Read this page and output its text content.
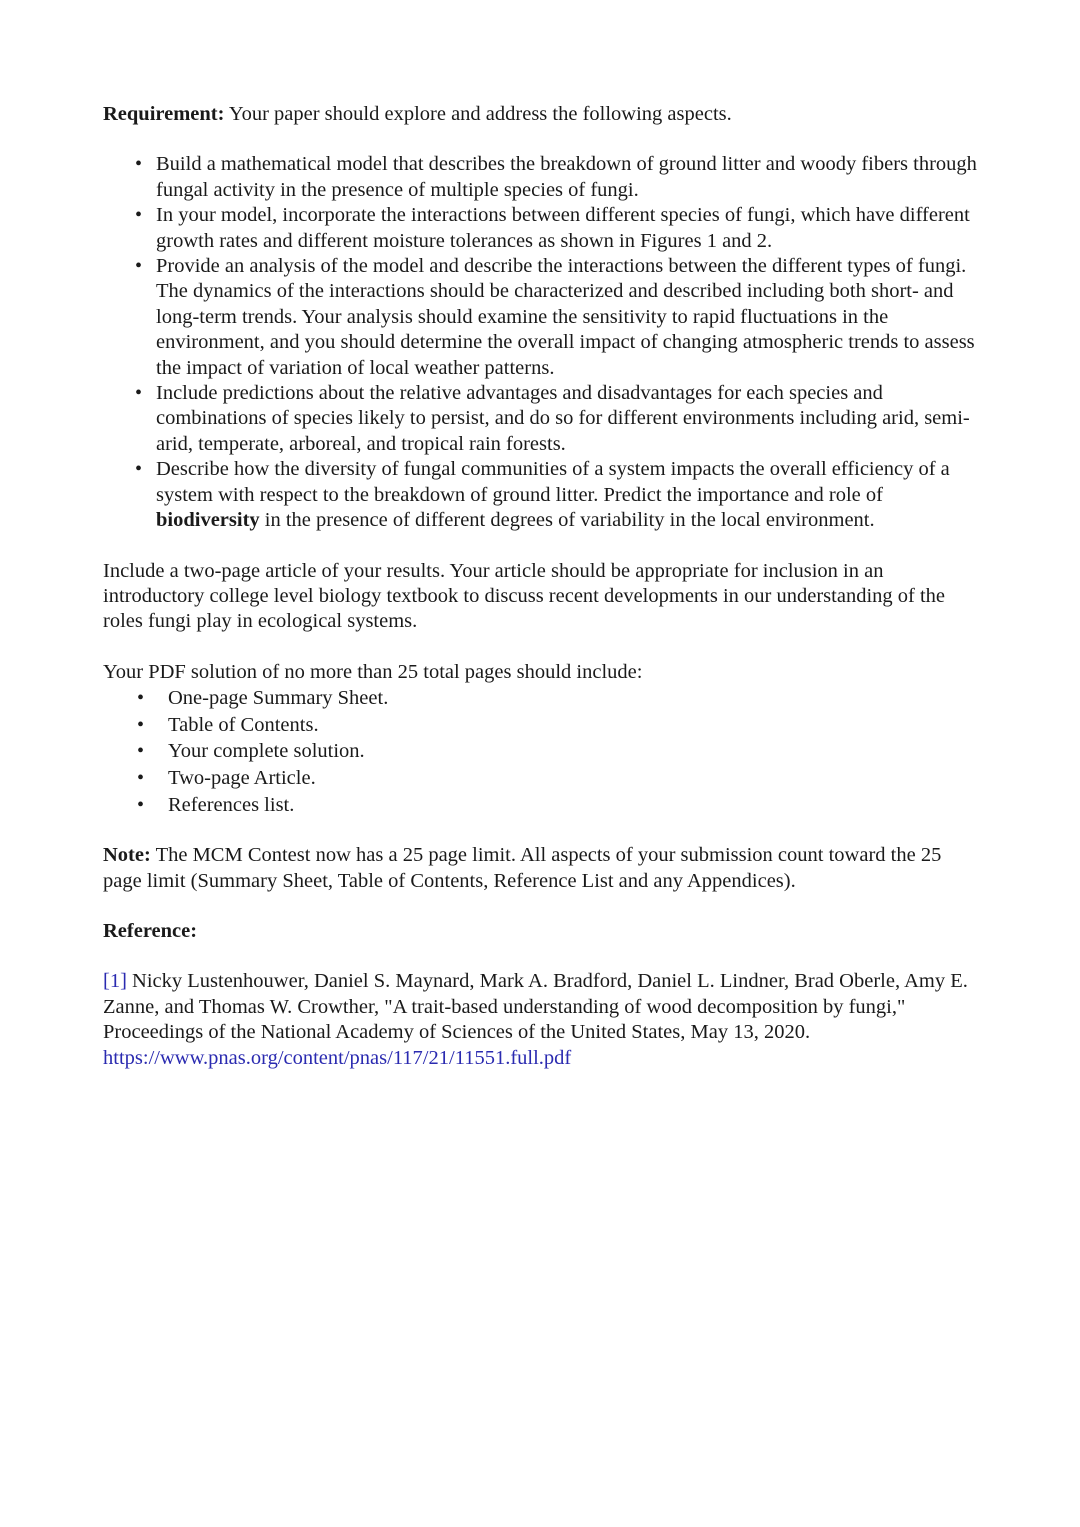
Requirement: Your paper should explore and address the following aspects.

• Build a mathematical model that describes the breakdown of ground litter and woody fibers through fungal activity in the presence of multiple species of fungi.
• In your model, incorporate the interactions between different species of fungi, which have different growth rates and different moisture tolerances as shown in Figures 1 and 2.
• Provide an analysis of the model and describe the interactions between the different types of fungi. The dynamics of the interactions should be characterized and described including both short- and long-term trends. Your analysis should examine the sensitivity to rapid fluctuations in the environment, and you should determine the overall impact of changing atmospheric trends to assess the impact of variation of local weather patterns.
• Include predictions about the relative advantages and disadvantages for each species and combinations of species likely to persist, and do so for different environments including arid, semi-arid, temperate, arboreal, and tropical rain forests.
• Describe how the diversity of fungal communities of a system impacts the overall efficiency of a system with respect to the breakdown of ground litter. Predict the importance and role of biodiversity in the presence of different degrees of variability in the local environment.

Include a two-page article of your results. Your article should be appropriate for inclusion in an introductory college level biology textbook to discuss recent developments in our understanding of the roles fungi play in ecological systems.

Your PDF solution of no more than 25 total pages should include:

• One-page Summary Sheet.
• Table of Contents.
• Your complete solution.
• Two-page Article.
• References list.

Note: The MCM Contest now has a 25 page limit. All aspects of your submission count toward the 25 page limit (Summary Sheet, Table of Contents, Reference List and any Appendices).

Reference:

[1] Nicky Lustenhouwer, Daniel S. Maynard, Mark A. Bradford, Daniel L. Lindner, Brad Oberle, Amy E. Zanne, and Thomas W. Crowther, "A trait-based understanding of wood decomposition by fungi," Proceedings of the National Academy of Sciences of the United States, May 13, 2020.
https://www.pnas.org/content/pnas/117/21/11551.full.pdf
